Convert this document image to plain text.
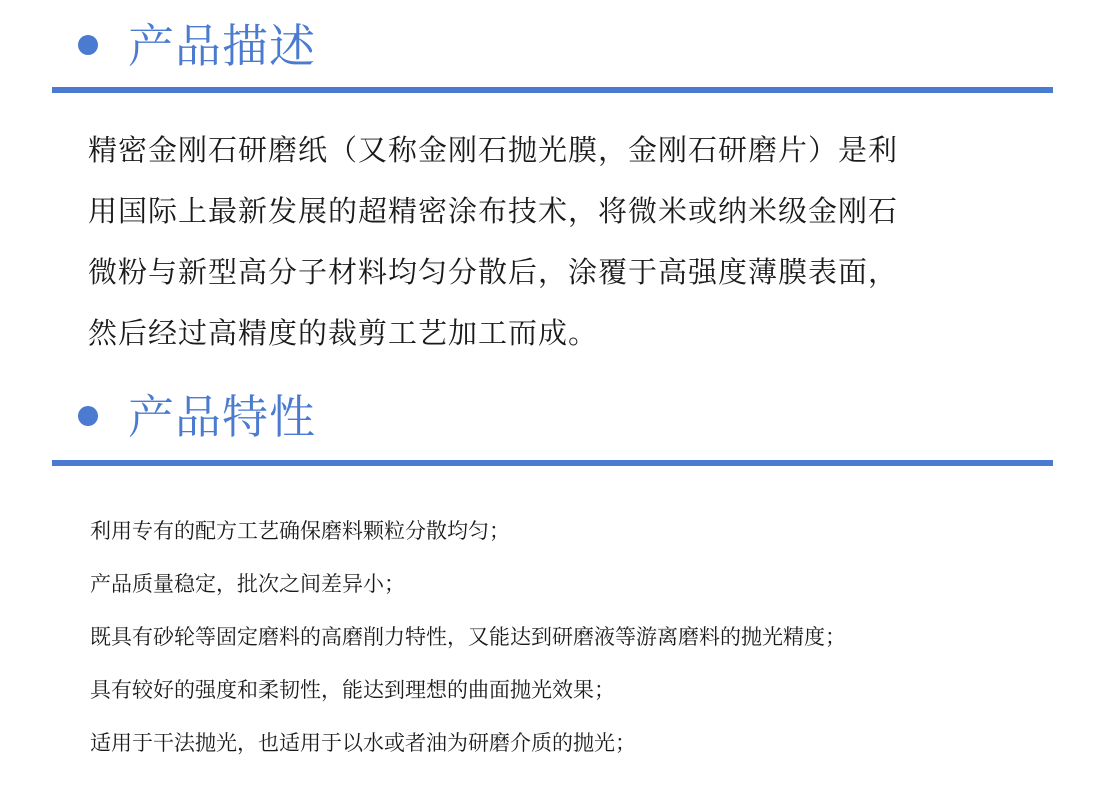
产品描述
精密金刚石研磨纸（又称金刚石抛光膜，金刚石研磨片）是利
用国际上最新发展的超精密涂布技术，将微米或纳米级金刚石
微粉与新型高分子材料均匀分散后，涂覆于高强度薄膜表面，
然后经过高精度的裁剪工艺加工而成。
产品特性
利用专有的配方工艺确保磨料颗粒分散均匀；
产品质量稳定，批次之间差异小；
既具有砂轮等固定磨料的高磨削力特性，又能达到研磨液等游离磨料的抛光精度；
具有较好的强度和柔韧性，能达到理想的曲面抛光效果；
适用于干法抛光，也适用于以水或者油为研磨介质的抛光；
